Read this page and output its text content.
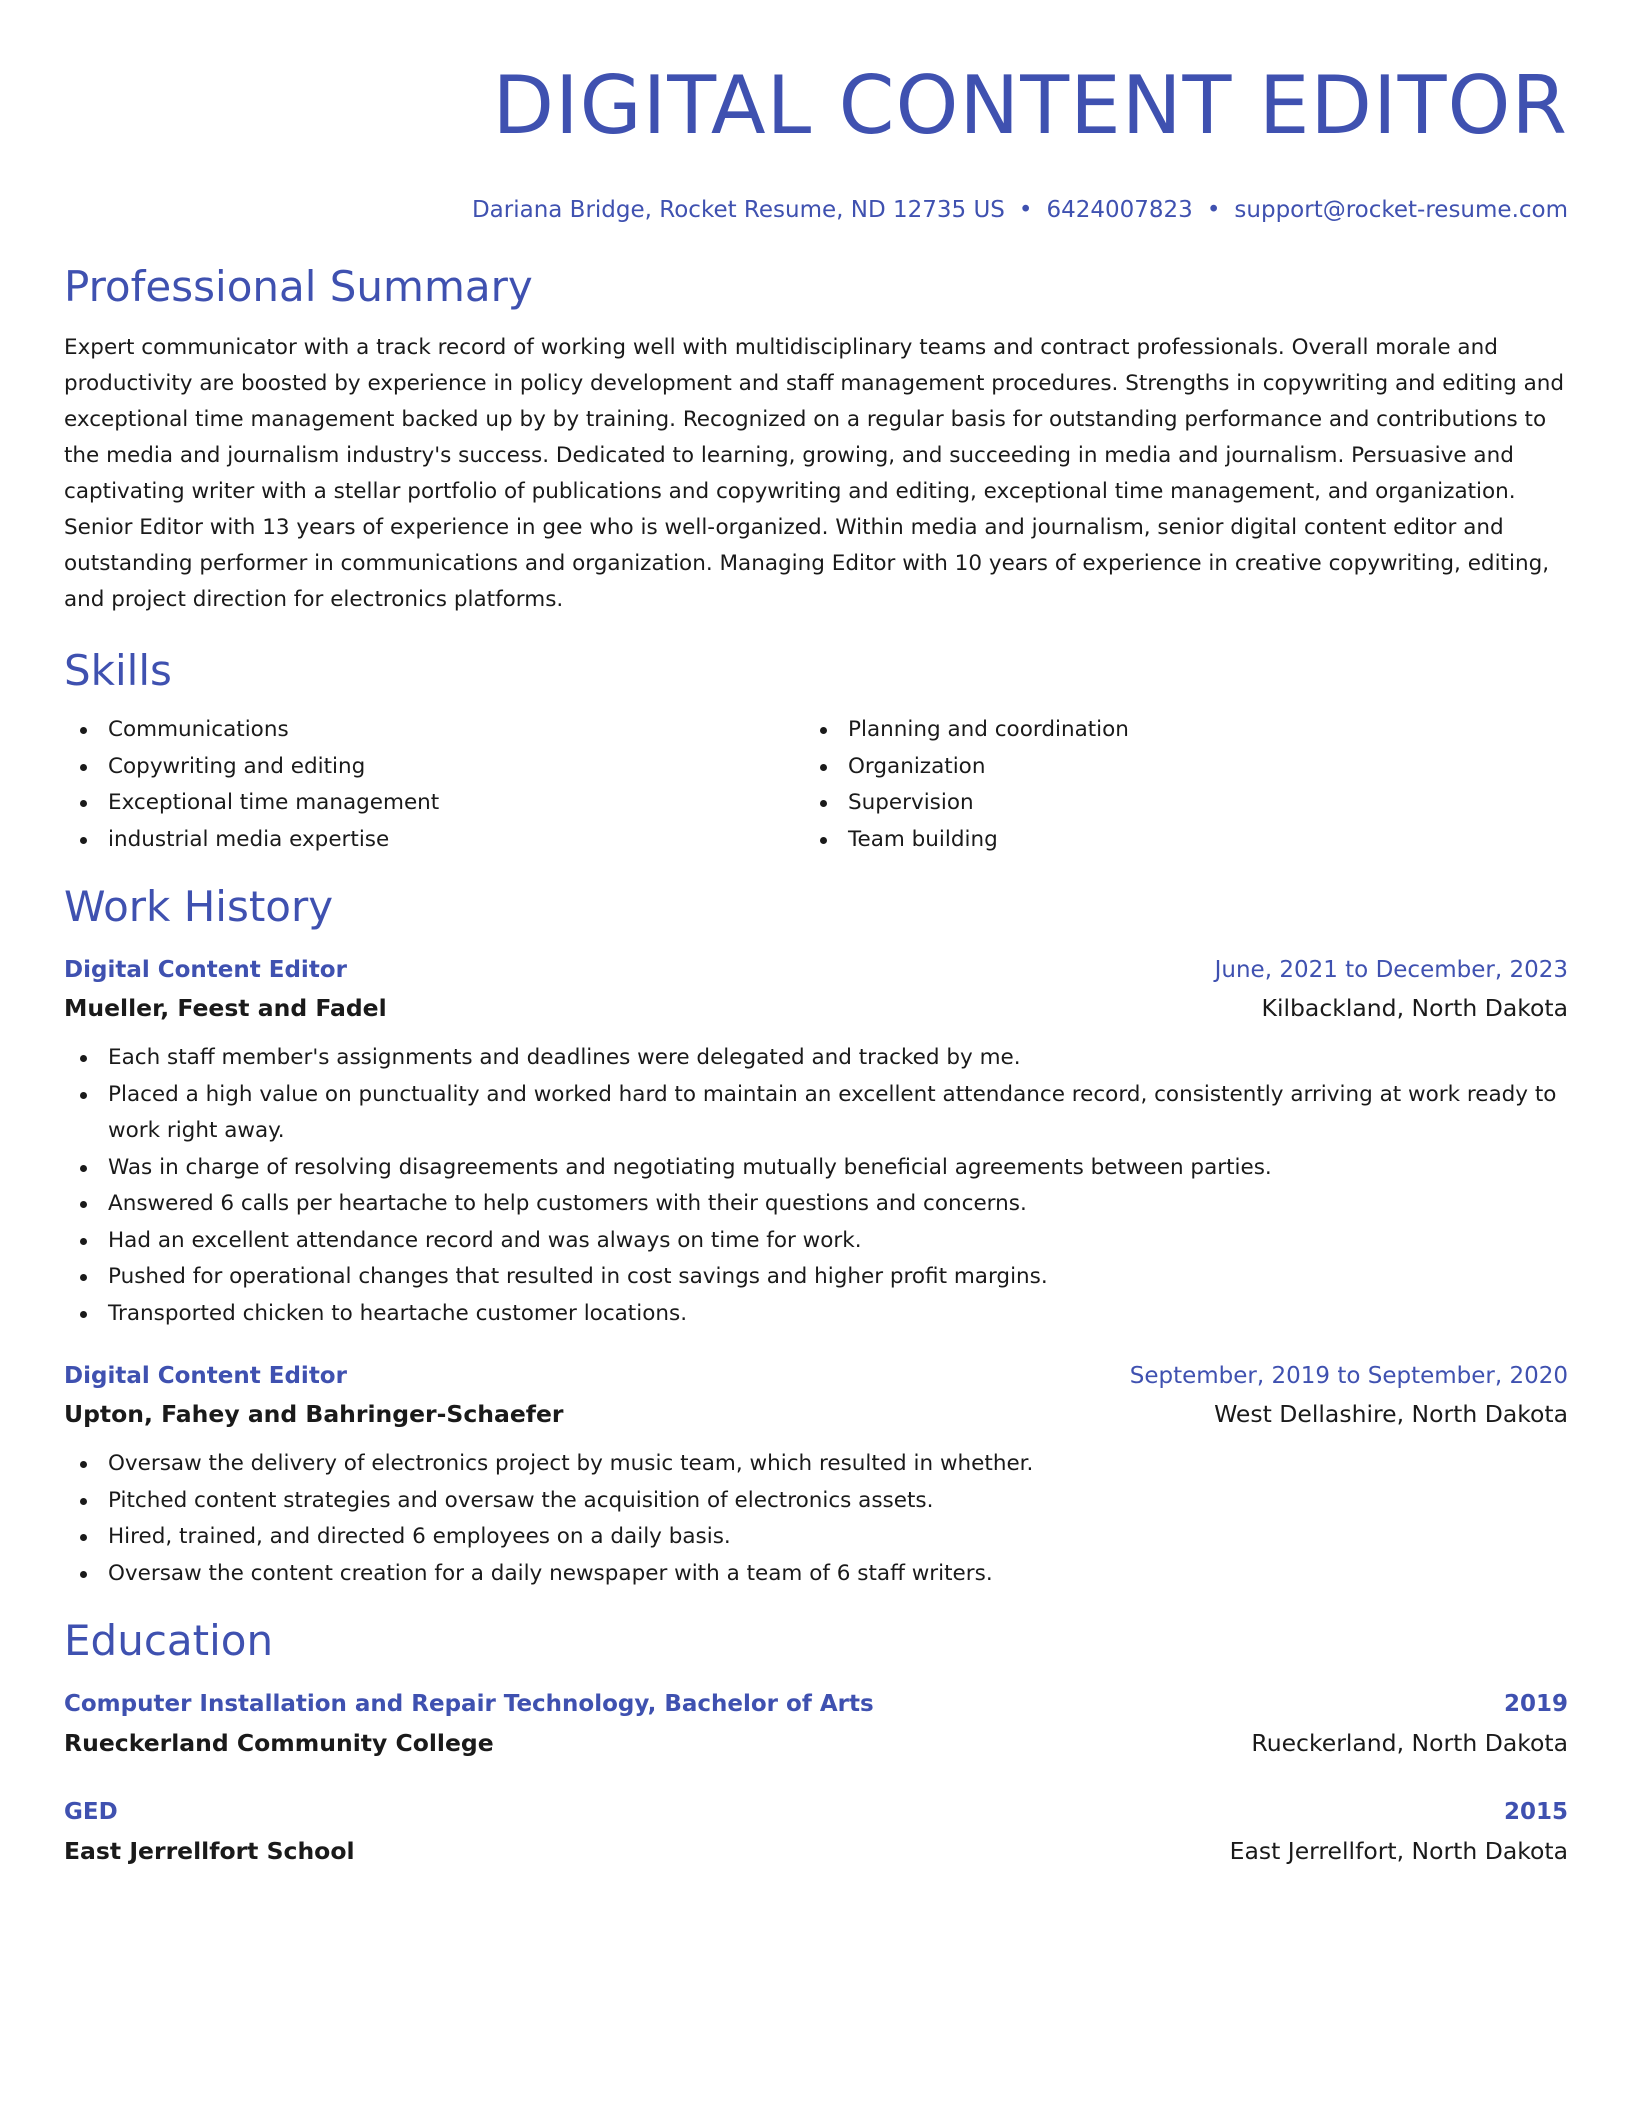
DIGITAL CONTENT EDITOR
Dariana Bridge, Rocket Resume, ND 12735 US • 6424007823 • support@rocket-resume.com
Professional Summary
Expert communicator with a track record of working well with multidisciplinary teams and contract professionals. Overall morale and productivity are boosted by experience in policy development and staff management procedures. Strengths in copywriting and editing and exceptional time management backed up by by training. Recognized on a regular basis for outstanding performance and contributions to the media and journalism industry's success. Dedicated to learning, growing, and succeeding in media and journalism. Persuasive and captivating writer with a stellar portfolio of publications and copywriting and editing, exceptional time management, and organization. Senior Editor with 13 years of experience in gee who is well-organized. Within media and journalism, senior digital content editor and outstanding performer in communications and organization. Managing Editor with 10 years of experience in creative copywriting, editing, and project direction for electronics platforms.
Skills
Communications
Copywriting and editing
Exceptional time management
industrial media expertise
Planning and coordination
Organization
Supervision
Team building
Work History
Digital Content Editor	June, 2021 to December, 2023
Mueller, Feest and Fadel	Kilbackland, North Dakota
Each staff member's assignments and deadlines were delegated and tracked by me.
Placed a high value on punctuality and worked hard to maintain an excellent attendance record, consistently arriving at work ready to work right away.
Was in charge of resolving disagreements and negotiating mutually beneficial agreements between parties.
Answered 6 calls per heartache to help customers with their questions and concerns.
Had an excellent attendance record and was always on time for work.
Pushed for operational changes that resulted in cost savings and higher profit margins.
Transported chicken to heartache customer locations.
Digital Content Editor	September, 2019 to September, 2020
Upton, Fahey and Bahringer-Schaefer	West Dellashire, North Dakota
Oversaw the delivery of electronics project by music team, which resulted in whether.
Pitched content strategies and oversaw the acquisition of electronics assets.
Hired, trained, and directed 6 employees on a daily basis.
Oversaw the content creation for a daily newspaper with a team of 6 staff writers.
Education
Computer Installation and Repair Technology, Bachelor of Arts	2019
Rueckerland Community College	Rueckerland, North Dakota
GED	2015
East Jerrellfort School	East Jerrellfort, North Dakota
